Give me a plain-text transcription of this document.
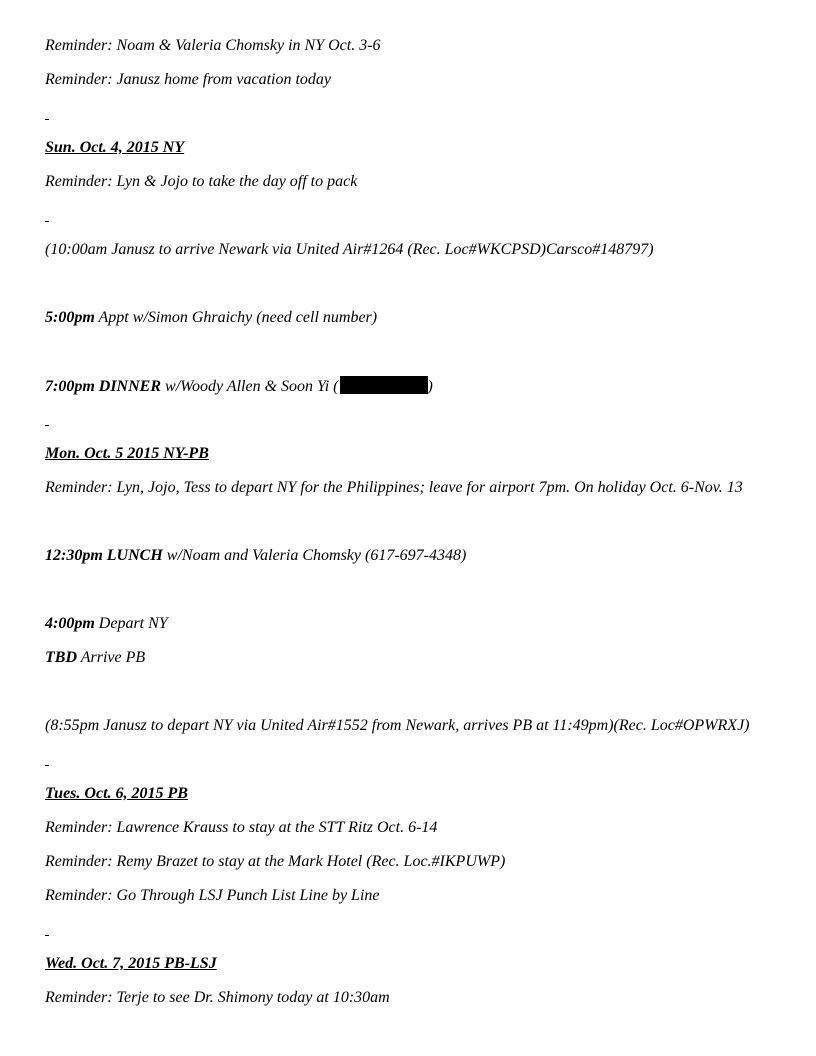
Reminder: Noam & Valeria Chomsky in NY Oct. 3-6
Reminder: Janusz home from vacation today
Sun. Oct. 4, 2015 NY
Reminder: Lyn & Jojo to take the day off to pack
(10:00am Janusz to arrive Newark via United Air#1264 (Rec. Loc#WKCPSD)Carsco#148797)
5:00pm Appt w/Simon Ghraichy (need cell number)
7:00pm DINNER w/Woody Allen & Soon Yi (	)
Mon. Oct. 5 2015 NY-PB
Reminder: Lyn, Jojo, Tess to depart NY for the Philippines; leave for airport 7pm. On holiday Oct. 6-Nov. 13
12:30pm LUNCH w/Noam and Valeria Chomsky (617-697-4348)
4:00pm Depart NY
TBD Arrive PB
(8:55pm Janusz to depart NY via United Air#1552 from Newark, arrives PB at 11:49pm)(Rec. Loc#OPWRXJ)
Tues. Oct. 6, 2015 PB
Reminder: Lawrence Krauss to stay at the STT Ritz Oct. 6-14
Reminder: Remy Brazet to stay at the Mark Hotel (Rec. Loc.#IKPUWP)
Reminder: Go Through LSJ Punch List Line by Line
Wed. Oct. 7, 2015 PB-LSJ
Reminder: Terje to see Dr. Shimony today at 10:30am
